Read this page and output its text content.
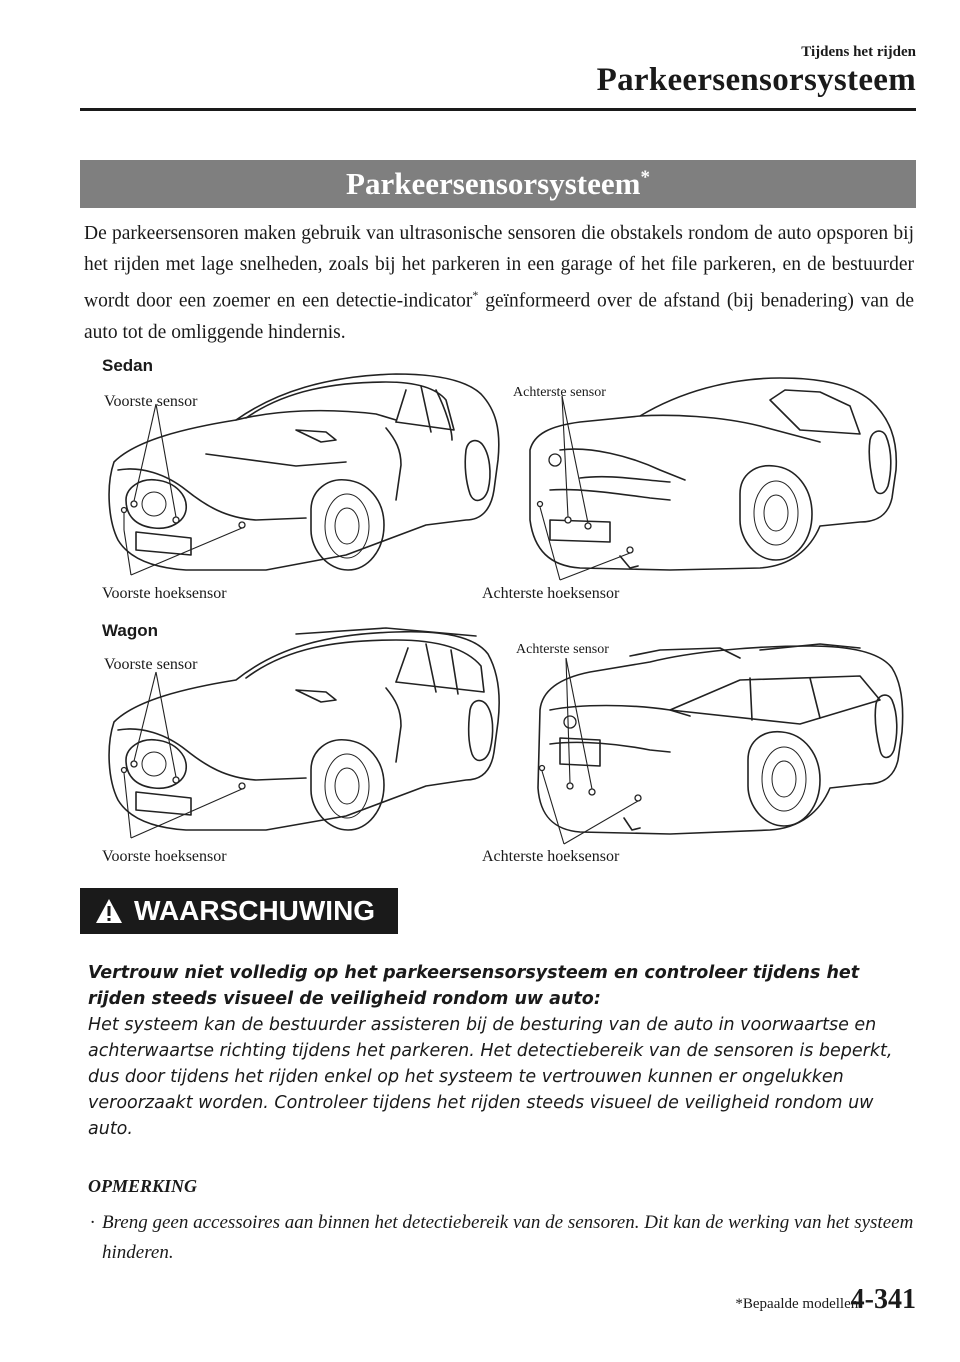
Tijdens het rijden
Parkeersensorsysteem
Parkeersensorsysteem*
De parkeersensoren maken gebruik van ultrasonische sensoren die obstakels rondom de auto opsporen bij het rijden met lage snelheden, zoals bij het parkeren in een garage of het file parkeren, en de bestuurder wordt door een zoemer en een detectie-indicator* geïnformeerd over de afstand (bij benadering) van de auto tot de omliggende hindernis.
Sedan
Voorste sensor
Voorste hoeksensor
Achterste sensor
Achterste hoeksensor
Wagon
Voorste sensor
Voorste hoeksensor
Achterste sensor
Achterste hoeksensor
WAARSCHUWING
Vertrouw niet volledig op het parkeersensorsysteem en controleer tijdens het rijden steeds visueel de veiligheid rondom uw auto:
Het systeem kan de bestuurder assisteren bij de besturing van de auto in voorwaartse en achterwaartse richting tijdens het parkeren. Het detectiebereik van de sensoren is beperkt, dus door tijdens het rijden enkel op het systeem te vertrouwen kunnen er ongelukken veroorzaakt worden. Controleer tijdens het rijden steeds visueel de veiligheid rondom uw auto.
OPMERKING
· Breng geen accessoires aan binnen het detectiebereik van de sensoren. Dit kan de werking van het systeem hinderen.
*Bepaalde modellen.
4-341
